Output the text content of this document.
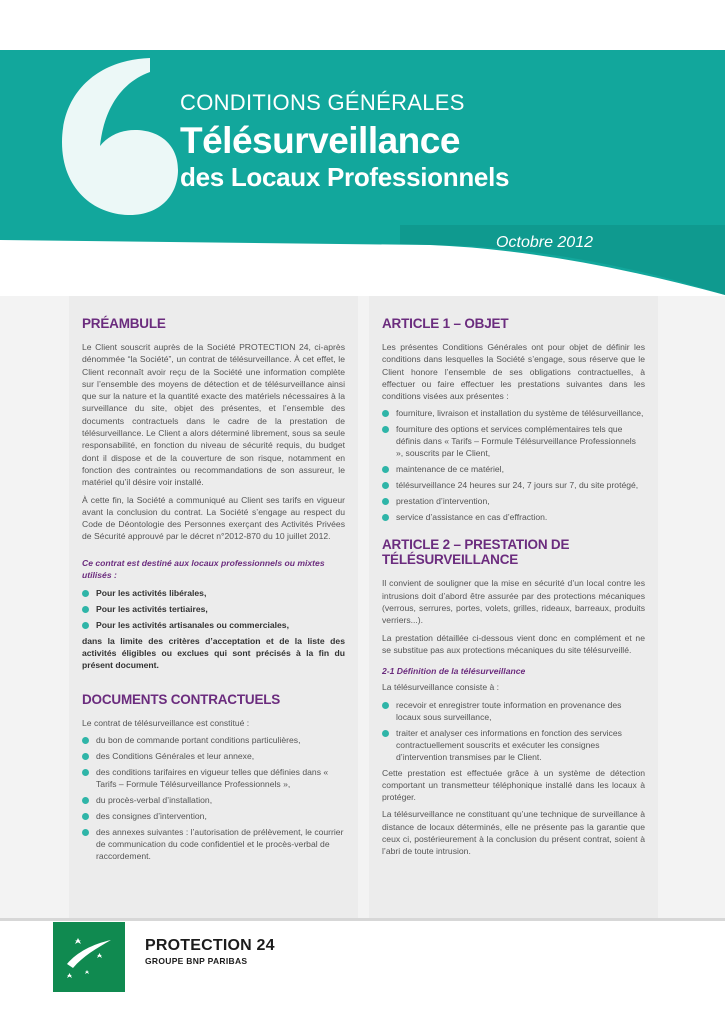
CONDITIONS GÉNÉRALES
Télésurveillance
des Locaux Professionnels
Octobre 2012
PRÉAMBULE

Le Client souscrit auprès de la Société PROTECTION 24, ci-après dénommée “la Société”, un contrat de télésurveillance. À cet effet, le Client reconnaît avoir reçu de la Société une information complète sur l’ensemble des moyens de détection et de télésurveillance ainsi que sur la nature et la quantité exacte des matériels nécessaires à la surveillance du site, objet des présentes, et l’ensemble des documents contractuels dans le cadre de la prestation de télésurveillance. Le Client a alors déterminé librement, sous sa seule responsabilité, en fonction du niveau de sécurité requis, du budget dont il dispose et de la couverture de son risque, notamment en fonction des contraintes ou recommandations de son assureur, le matériel qu’il désire voir installé.

À cette fin, la Société a communiqué au Client ses tarifs en vigueur avant la conclusion du contrat. La Société s’engage au respect du Code de Déontologie des Personnes exerçant des Activités Privées de Sécurité approuvé par le décret n°2012-870 du 10 juillet 2012.

Ce contrat est destiné aux locaux professionnels ou mixtes utilisés :
Pour les activités libérales,
Pour les activités tertiaires,
Pour les activités artisanales ou commerciales,

dans la limite des critères d’acceptation et de la liste des activités éligibles ou exclues qui sont précisés à la fin du présent document.

DOCUMENTS CONTRACTUELS

Le contrat de télésurveillance est constitué :

du bon de commande portant conditions particulières,
des Conditions Générales et leur annexe,
des conditions tarifaires en vigueur telles que définies dans « Tarifs – Formule Télésurveillance Professionnels »,
du procès-verbal d’installation,
des consignes d’intervention,
des annexes suivantes : l’autorisation de prélèvement, le courrier de communication du code confidentiel et le procès-verbal de raccordement.
ARTICLE 1 – OBJET

Les présentes Conditions Générales ont pour objet de définir les conditions dans lesquelles la Société s’engage, sous réserve que le Client honore l’ensemble de ses obligations contractuelles, à effectuer ou faire effectuer les prestations suivantes dans les conditions visées aux présentes :

fourniture, livraison et installation du système de télésurveillance,
fourniture des options et services complémentaires tels que définis dans « Tarifs – Formule Télésurveillance Professionnels », souscrits par le Client,
maintenance de ce matériel,
télésurveillance 24 heures sur 24, 7 jours sur 7, du site protégé,
prestation d’intervention,
service d’assistance en cas d’effraction.
ARTICLE 2 – PRESTATION DE TÉLÉSURVEILLANCE

Il convient de souligner que la mise en sécurité d’un local contre les intrusions doit d’abord être assurée par des protections mécaniques (verrous, serrures, portes, volets, grilles, rideaux, barreaux, produits verriers...).

La prestation détaillée ci-dessous vient donc en complément et ne se substitue pas aux protections mécaniques du site télésurveillé.

2-1 Définition de la télésurveillance

La télésurveillance consiste à :

recevoir et enregistrer toute information en provenance des locaux sous surveillance,
traiter et analyser ces informations en fonction des services contractuellement souscrits et exécuter les consignes d’intervention transmises par le Client.

Cette prestation est effectuée grâce à un système de détection comportant un transmetteur téléphonique installé dans les locaux à protéger.

La télésurveillance ne constituant qu’une technique de surveillance à distance de locaux déterminés, elle ne présente pas la garantie que ceux ci, postérieurement à la conclusion du présent contrat, soient à l’abri de toute intrusion.

PROTECTION 24
GROUPE BNP PARIBAS
